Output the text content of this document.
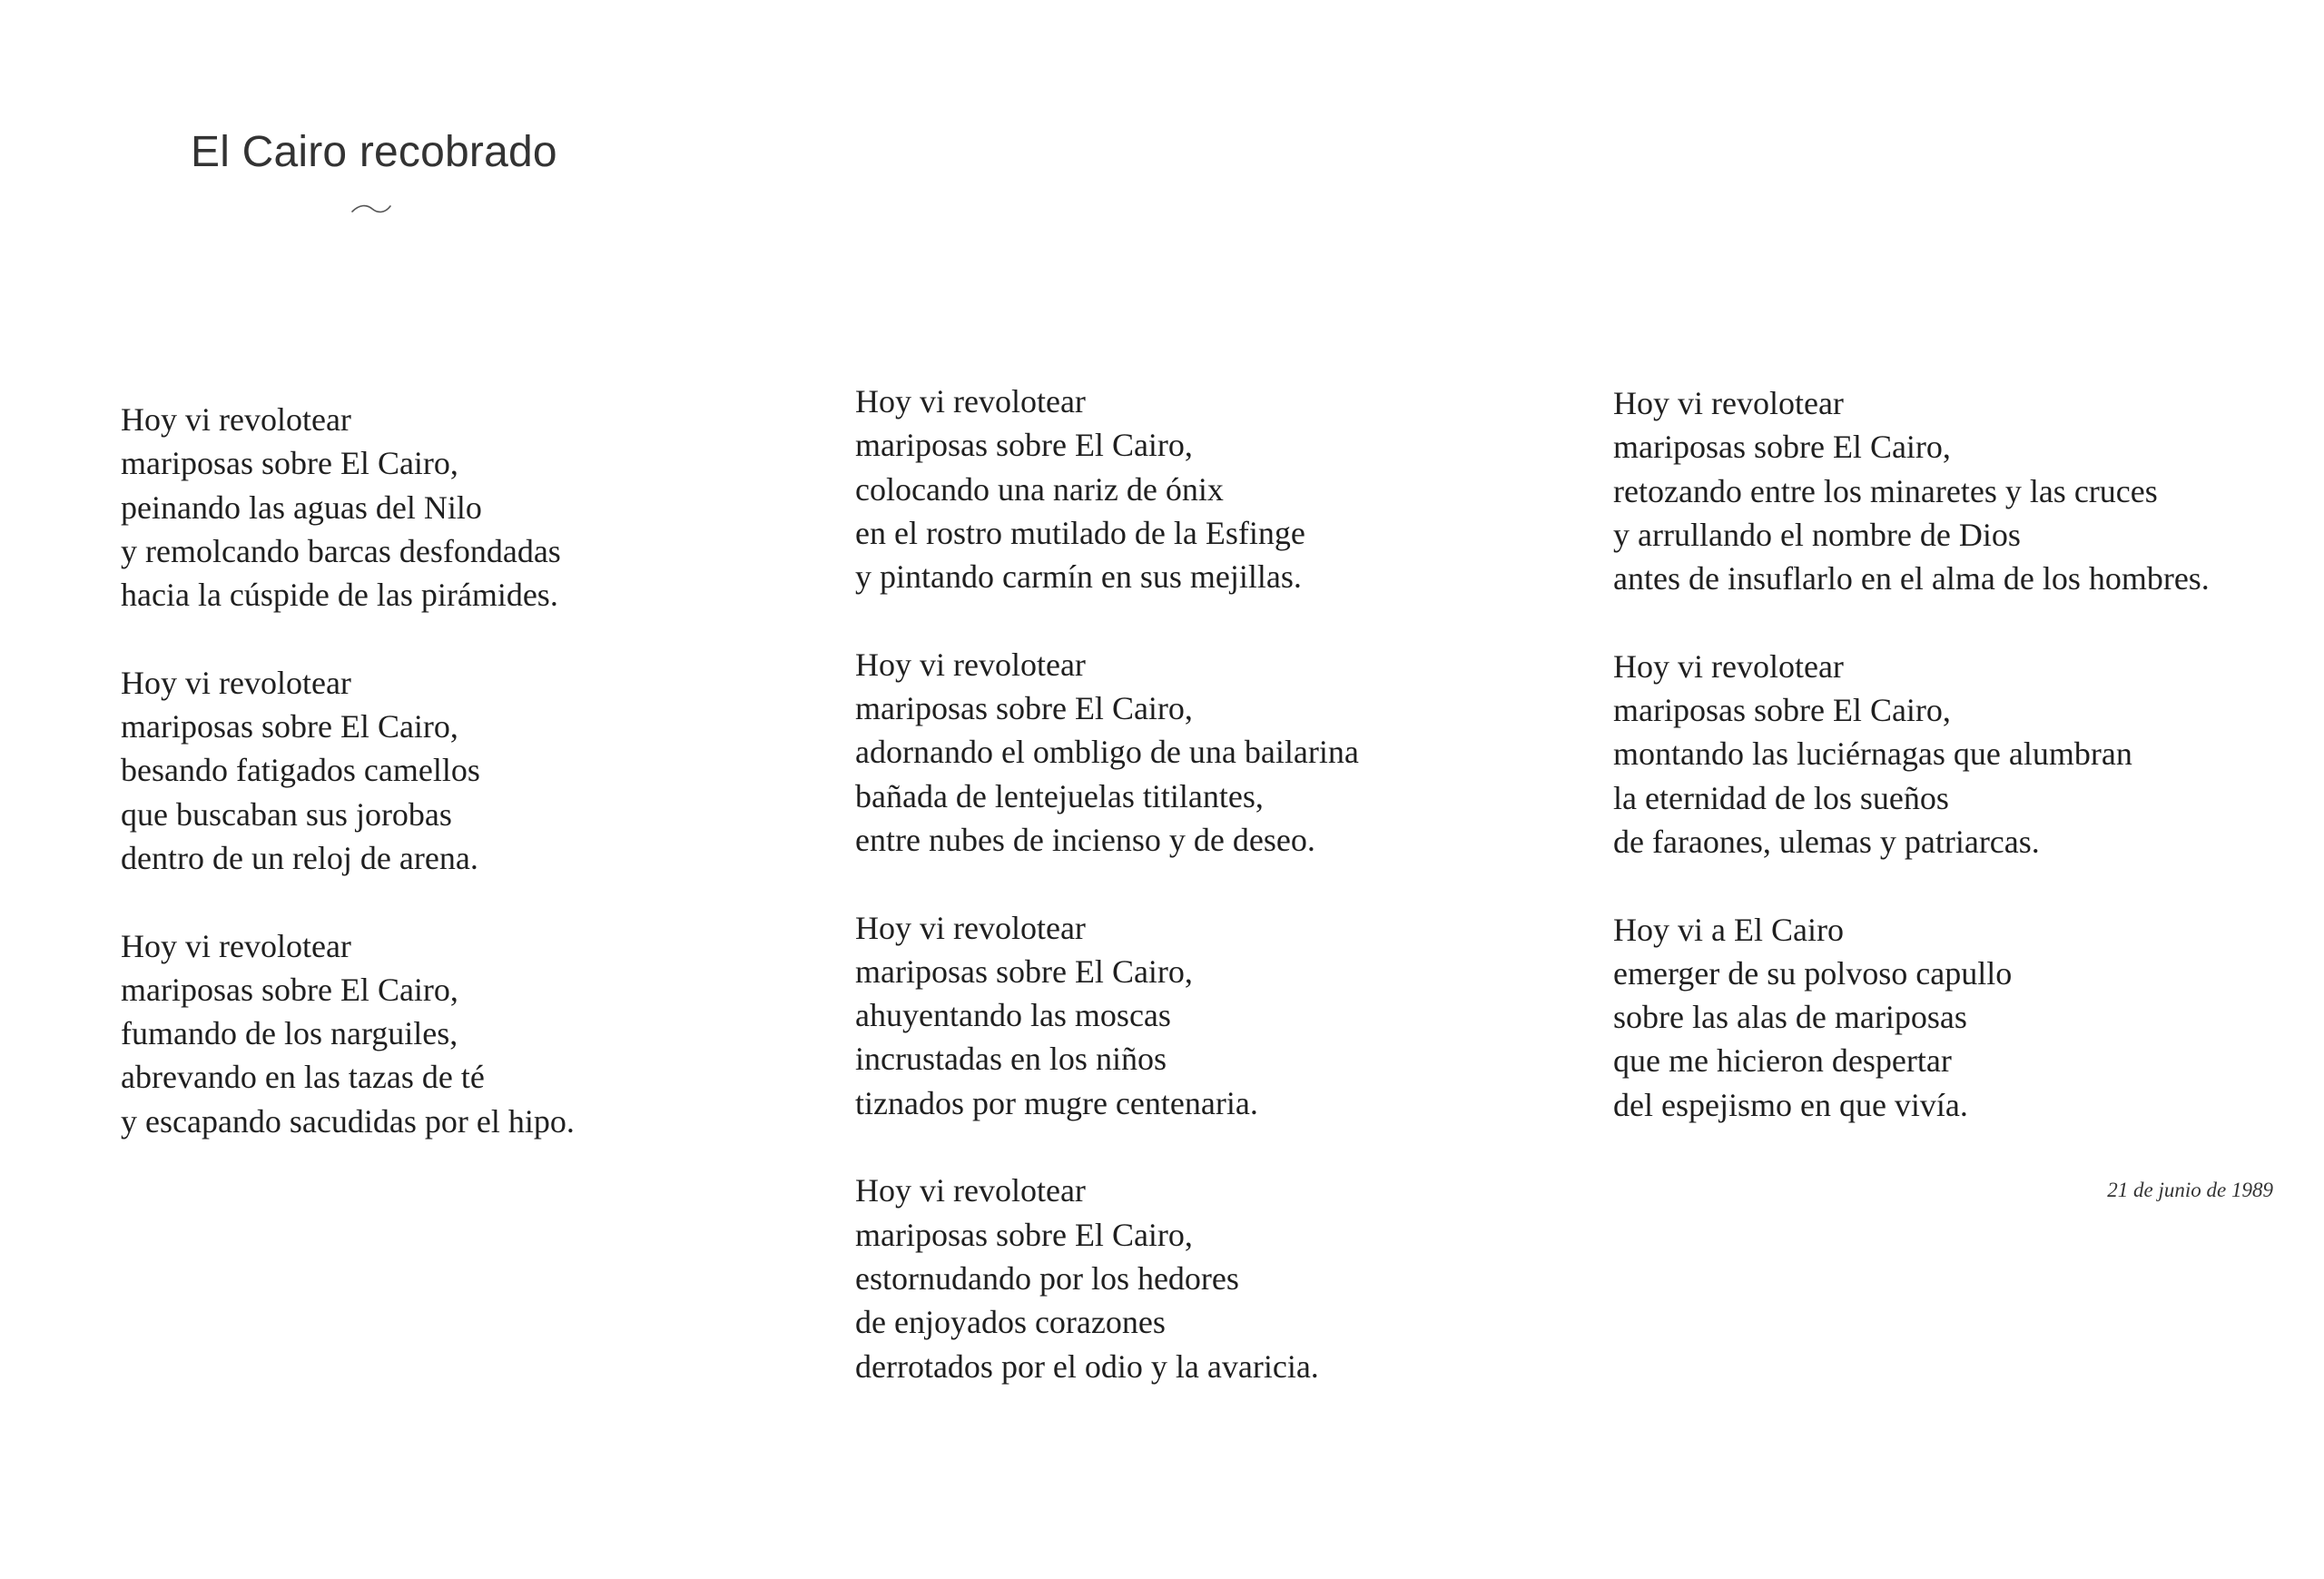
El Cairo recobrado
Hoy vi revolotear
mariposas sobre El Cairo,
peinando las aguas del Nilo
y remolcando barcas desfondadas
hacia la cúspide de las pirámides.
Hoy vi revolotear
mariposas sobre El Cairo,
besando fatigados camellos
que buscaban sus jorobas
dentro de un reloj de arena.
Hoy vi revolotear
mariposas sobre El Cairo,
fumando de los narguiles,
abrevando en las tazas de té
y escapando sacudidas por el hipo.
Hoy vi revolotear
mariposas sobre El Cairo,
colocando una nariz de ónix
en el rostro mutilado de la Esfinge
y pintando carmín en sus mejillas.
Hoy vi revolotear
mariposas sobre El Cairo,
adornando el ombligo de una bailarina
bañada de lentejuelas titilantes,
entre nubes de incienso y de deseo.
Hoy vi revolotear
mariposas sobre El Cairo,
ahuyentando las moscas
incrustadas en los niños
tiznados por mugre centenaria.
Hoy vi revolotear
mariposas sobre El Cairo,
estornudando por los hedores
de enjoyados corazones
derrotados por el odio y la avaricia.
Hoy vi revolotear
mariposas sobre El Cairo,
retozando entre los minaretes y las cruces
y arrullando el nombre de Dios
antes de insuflarlo en el alma de los hombres.
Hoy vi revolotear
mariposas sobre El Cairo,
montando las luciérnagas que alumbran
la eternidad de los sueños
de faraones, ulemas y patriarcas.
Hoy vi a El Cairo
emerger de su polvoso capullo
sobre las alas de mariposas
que me hicieron despertar
del espejismo en que vivía.
21 de junio de 1989
